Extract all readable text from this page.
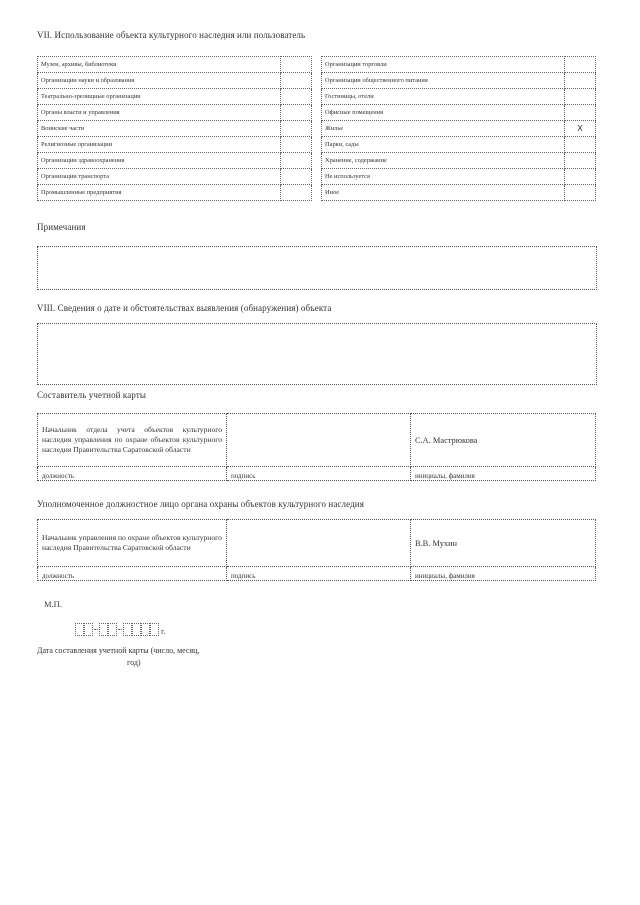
VII. Использование объекта культурного наследия или пользователь
Музеи, архивы, библиотеки	
Организации науки и образования	
Театрально-зрелищные организации	
Органы власти и управления	
Воинские части	
Религиозные организации	
Организации здравоохранения	
Организации транспорта	
Промышленные предприятия	
Организации торговли	
Организации общественного питания	
Гостиницы, отели	
Офисные помещения	
Жилье	X
Парки, сады	
Хранение, содержание	
Не используется	
Иное	
Примечания
VIII. Сведения о дате и обстоятельствах выявления (обнаружения) объекта
Составитель учетной карты
Начальник отдела учета объектов культурного наследия управления по охране объектов культурного наследия Правительства Саратовской области		С.А. Мастрюкова
должность	подпись	инициалы, фамилия
Уполномоченное должностное лицо органа охраны объектов культурного наследия
Начальник управления по охране объектов культурного наследия Правительства Саратовской области		В.В. Мухин
должность	подпись	инициалы, фамилия
М.П.
г.
Дата составления учетной карты (число, месяц,
год)
